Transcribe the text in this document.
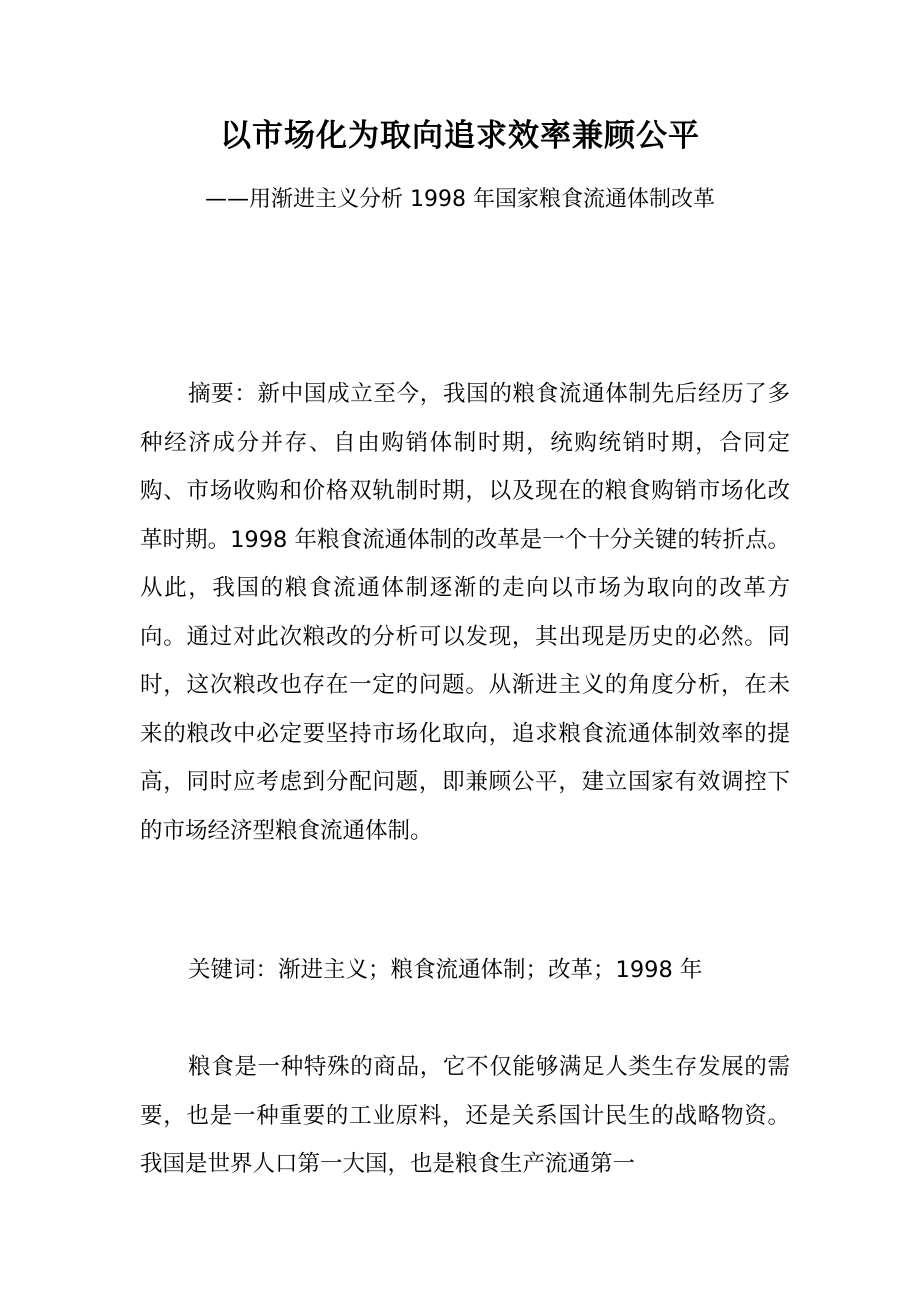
以市场化为取向追求效率兼顾公平
——用渐进主义分析 1998 年国家粮食流通体制改革

摘要：新中国成立至今，我国的粮食流通体制先后经历了多种经济成分并存、自由购销体制时期，统购统销时期，合同定购、市场收购和价格双轨制时期，以及现在的粮食购销市场化改革时期。1998 年粮食流通体制的改革是一个十分关键的转折点。从此，我国的粮食流通体制逐渐的走向以市场为取向的改革方向。通过对此次粮改的分析可以发现，其出现是历史的必然。同时，这次粮改也存在一定的问题。从渐进主义的角度分析，在未来的粮改中必定要坚持市场化取向，追求粮食流通体制效率的提高，同时应考虑到分配问题，即兼顾公平，建立国家有效调控下的市场经济型粮食流通体制。

关键词：渐进主义；粮食流通体制；改革；1998 年

粮食是一种特殊的商品，它不仅能够满足人类生存发展的需要，也是一种重要的工业原料，还是关系国计民生的战略物资。我国是世界人口第一大国，也是粮食生产流通第一
